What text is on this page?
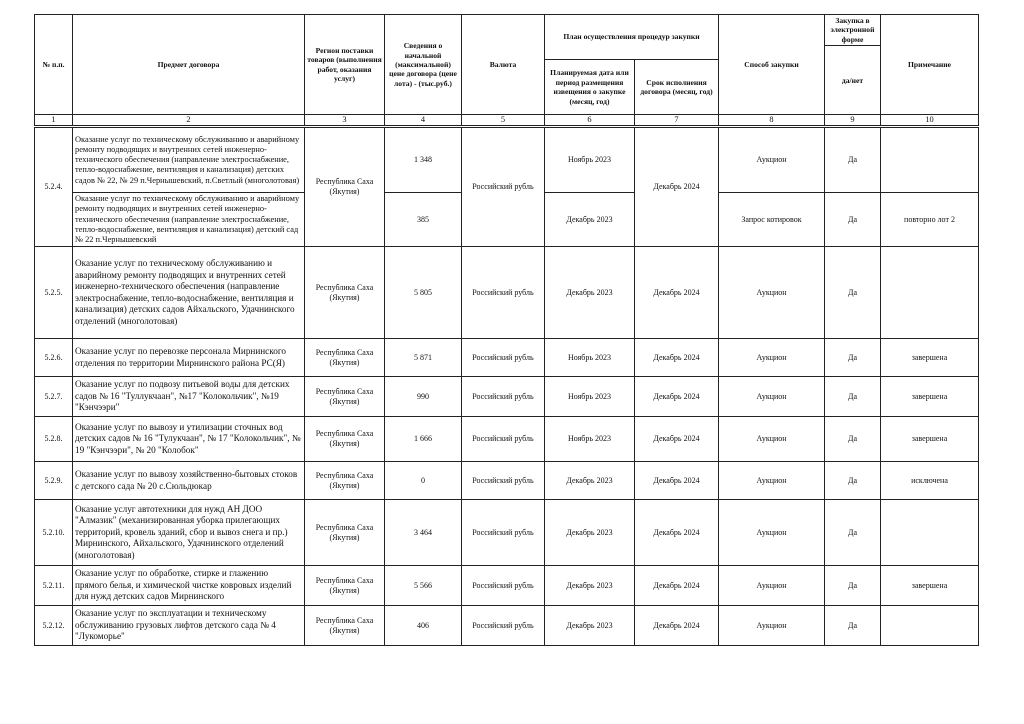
№ п.п.	Предмет договора	Регион поставки товаров (выполнения работ, оказания услуг)	Сведения о начальной (максимальной) цене договора (цене лота) - (тыс.руб.)	Валюта	План осуществления процедур закупки		Способ закупки	Закупка в электронной форме	Примечание
								да/нет	
					Планируемая дата или период размещения извещения о закупке (месяц, год)	Срок исполнения договора (месяц, год)			
1	2	3	4	5	6	7	8	9	10
5.2.4.	Оказание услуг по техническому обслуживанию и аварийному ремонту подводящих и внутренних сетей инженерно-технического обеспечения (направление электроснабжение, тепло-водоснабжение, вентиляция и канализация) детских садов № 22, № 29 п.Чернышевский, п.Светлый (многолотовая)	Республика Саха (Якутия)	1 348	Российский рубль	Ноябрь 2023	Декабрь 2024	Аукцион	Да	
	Оказание услуг по техническому обслуживанию и аварийному ремонту подводящих и внутренних сетей инженерно-технического обеспечения (направление электроснабжение, тепло-водоснабжение, вентиляция и канализация) детский сад № 22 п.Чернышевский		385		Декабрь 2023		Запрос котировок	Да	повторно лот 2
5.2.5.	Оказание услуг по техническому обслуживанию и аварийному ремонту подводящих и внутренних сетей инженерно-технического обеспечения (направление электроснабжение, тепло-водоснабжение, вентиляция и канализация) детских садов Айхальского, Удачнинского отделений (многолотовая)	Республика Саха (Якутия)	5 805	Российский рубль	Декабрь 2023	Декабрь 2024	Аукцион	Да	
5.2.6.	Оказание услуг по перевозке персонала Мирнинского отделения по территории Мирнинского района РС(Я)	Республика Саха (Якутия)	5 871	Российский рубль	Ноябрь 2023	Декабрь 2024	Аукцион	Да	завершена
5.2.7.	Оказание услуг по подвозу питьевой воды для детских садов № 16 "Туллукчаан", №17 "Колокольчик", №19 "Кэнчээри"	Республика Саха (Якутия)	990	Российский рубль	Ноябрь 2023	Декабрь 2024	Аукцион	Да	завершена
5.2.8.	Оказание услуг по вывозу и утилизации сточных вод детских садов № 16 "Тулукчаан", № 17 "Колокольчик", № 19 "Кэнчээри", № 20 "Колобок"	Республика Саха (Якутия)	1 666	Российский рубль	Ноябрь 2023	Декабрь 2024	Аукцион	Да	завершена
5.2.9.	Оказание услуг по вывозу хозяйственно-бытовых стоков с детского сада № 20 с.Сюльдюкар	Республика Саха (Якутия)	0	Российский рубль	Декабрь 2023	Декабрь 2024	Аукцион	Да	исключена
5.2.10.	Оказание услуг автотехники для нужд АН ДОО "Алмазик" (механизированная уборка прилегающих территорий, кровель зданий, сбор и вывоз снега и пр.) Мирнинского, Айхальского, Удачнинского отделений (многолотовая)	Республика Саха (Якутия)	3 464	Российский рубль	Декабрь 2023	Декабрь 2024	Аукцион	Да	
5.2.11.	Оказание услуг по обработке, стирке и глажению прямого белья, и химической чистке ковровых изделий для нужд детских садов Мирнинского	Республика Саха (Якутия)	5 566	Российский рубль	Декабрь 2023	Декабрь 2024	Аукцион	Да	завершена
5.2.12.	Оказание услуг по эксплуатации и техническому обслуживанию грузовых лифтов детского сада № 4 "Лукоморье"	Республика Саха (Якутия)	406	Российский рубль	Декабрь 2023	Декабрь 2024	Аукцион	Да	
